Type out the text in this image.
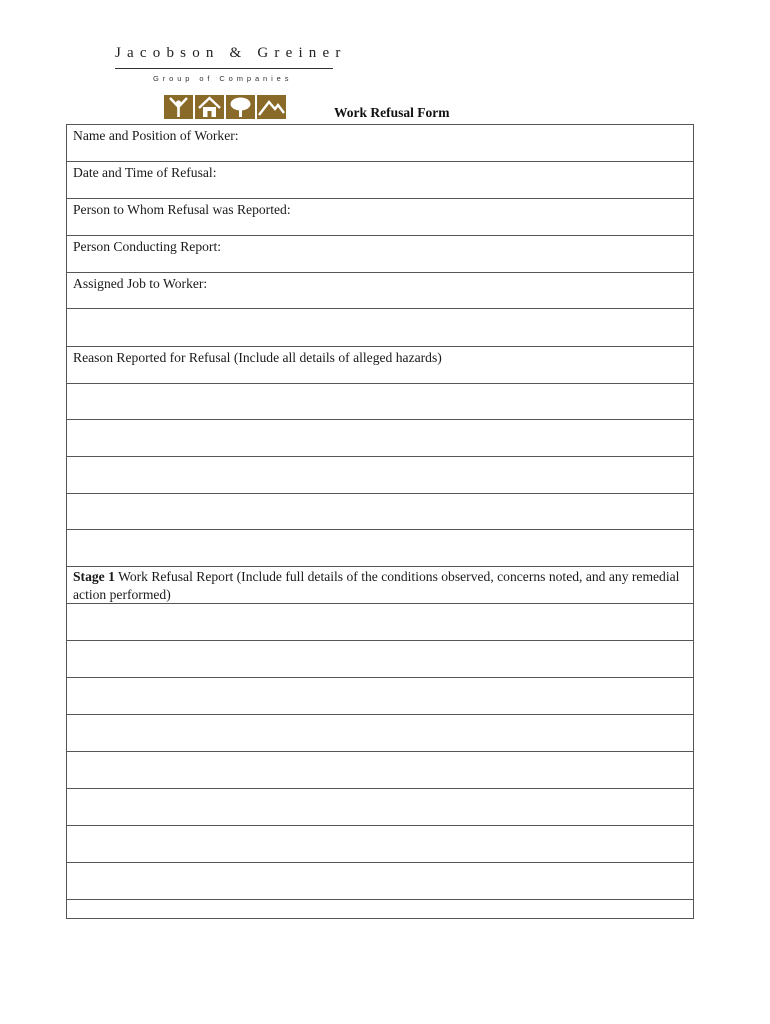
Jacobson & Greiner
Group of Companies
Work Refusal Form
Name and Position of Worker:
Date and Time of Refusal:
Person to Whom Refusal was Reported:
Person Conducting Report:
Assigned Job to Worker:
Reason Reported for Refusal (Include all details of alleged hazards)
Stage 1 Work Refusal Report (Include full details of the conditions observed, concerns noted, and any remedial action performed)
